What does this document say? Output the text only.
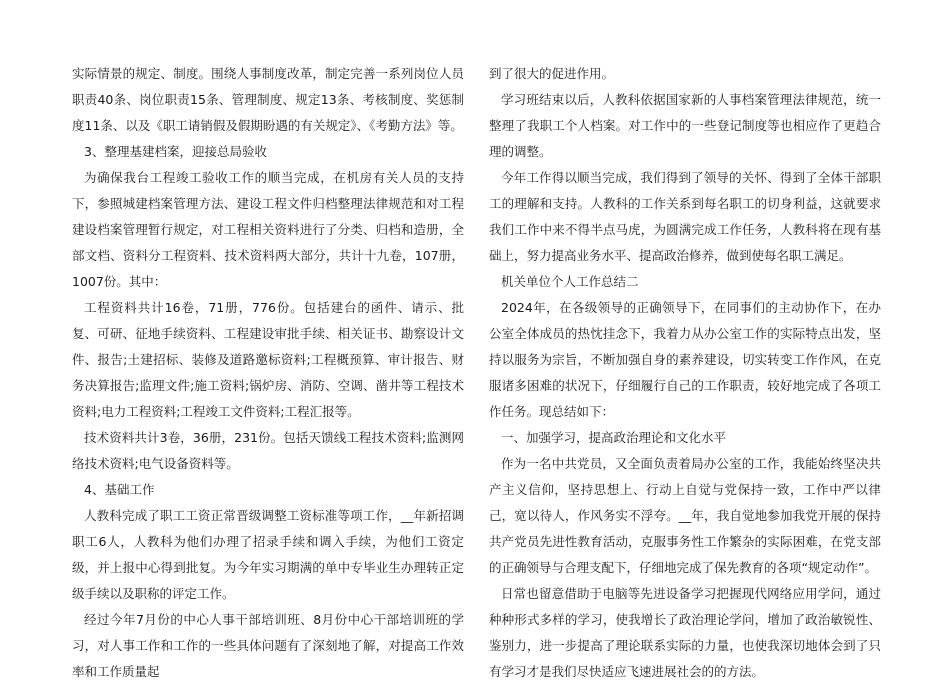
实际情景的规定、制度。围绕人事制度改革，制定完善一系列岗位人员职责40条、岗位职责15条、管理制度、规定13条、考核制度、奖惩制度11条、以及《职工请销假及假期盼遇的有关规定》、《考勤方法》等。

3、整理基建档案，迎接总局验收

为确保我台工程竣工验收工作的顺当完成，在机房有关人员的支持下，参照城建档案管理方法、建设工程文件归档整理法律规范和对工程建设档案管理暂行规定，对工程相关资料进行了分类、归档和造册，全部文档、资料分工程资料、技术资料两大部分，共计十九卷，107册，1007份。其中：

工程资料共计16卷，71册，776份。包括建台的函件、请示、批复、可研、征地手续资料、工程建设审批手续、相关证书、勘察设计文件、报告;土建招标、装修及道路邀标资料;工程概预算、审计报告、财务决算报告;监理文件;施工资料;锅炉房、消防、空调、凿井等工程技术资料;电力工程资料;工程竣工文件资料;工程汇报等。

技术资料共计3卷，36册，231份。包括天馈线工程技术资料;监测网络技术资料;电气设备资料等。

4、基础工作

人教科完成了职工工资正常晋级调整工资标准等项工作，__年新招调职工6人，人教科为他们办理了招录手续和调入手续，为他们工资定级，并上报中心得到批复。为今年实习期满的单中专毕业生办理转正定级手续以及职称的评定工作。

经过今年7月份的中心人事干部培训班、8月份中心干部培训班的学习，对人事工作和工作的一些具体问题有了深刻地了解，对提高工作效率和工作质量起

到了很大的促进作用。

学习班结束以后，人教科依据国家新的人事档案管理法律规范，统一整理了我职工个人档案。对工作中的一些登记制度等也相应作了更趋合理的调整。

今年工作得以顺当完成，我们得到了领导的关怀、得到了全体干部职工的理解和支持。人教科的工作关系到每名职工的切身利益，这就要求我们工作中来不得半点马虎，为圆满完成工作任务，人教科将在现有基础上，努力提高业务水平、提高政治修养，做到使每名职工满足。

机关单位个人工作总结二

2024年，在各级领导的正确领导下，在同事们的主动协作下，在办公室全体成员的热忱挂念下，我着力从办公室工作的实际特点出发，坚持以服务为宗旨，不断加强自身的素养建设，切实转变工作作风，在克服诸多困难的状况下，仔细履行自己的工作职责，较好地完成了各项工作任务。现总结如下：

一、加强学习，提高政治理论和文化水平

作为一名中共党员，又全面负责着局办公室的工作，我能始终坚决共产主义信仰，坚持思想上、行动上自觉与党保持一致，工作中严以律己，宽以待人，作风务实不浮夸。__年，我自觉地参加我党开展的保持共产党员先进性教育活动，克服事务性工作繁杂的实际困难，在党支部的正确领导与合理支配下，仔细地完成了保先教育的各项“规定动作”。

日常也留意借助于电脑等先进设备学习把握现代网络应用学问，通过种种形式多样的学习，使我增长了政治理论学问，增加了政治敏锐性、鉴别力，进一步提高了理论联系实际的力量，也使我深切地体会到了只有学习才是我们尽快适应飞速进展社会的的方法。
